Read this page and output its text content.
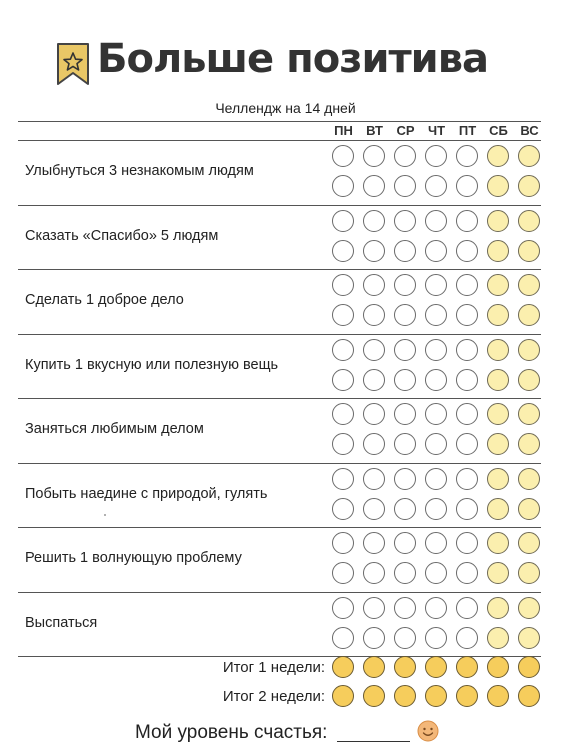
Больше позитива
Челлендж на 14 дней
ПН	ВТ	СР	ЧТ	ПТ СБ ВС
Улыбнуться 3 незнакомым людям
Сказать «Спасибо» 5 людям
Сделать 1 доброе дело
Купить 1 вкусную или полезную вещь
Заняться любимым делом
Побыть наедине с природой, гулять
Решить 1 волнующую проблему
Выспаться
Итог 1 недели:
Итог 2 недели:
Мой уровень счастья:
